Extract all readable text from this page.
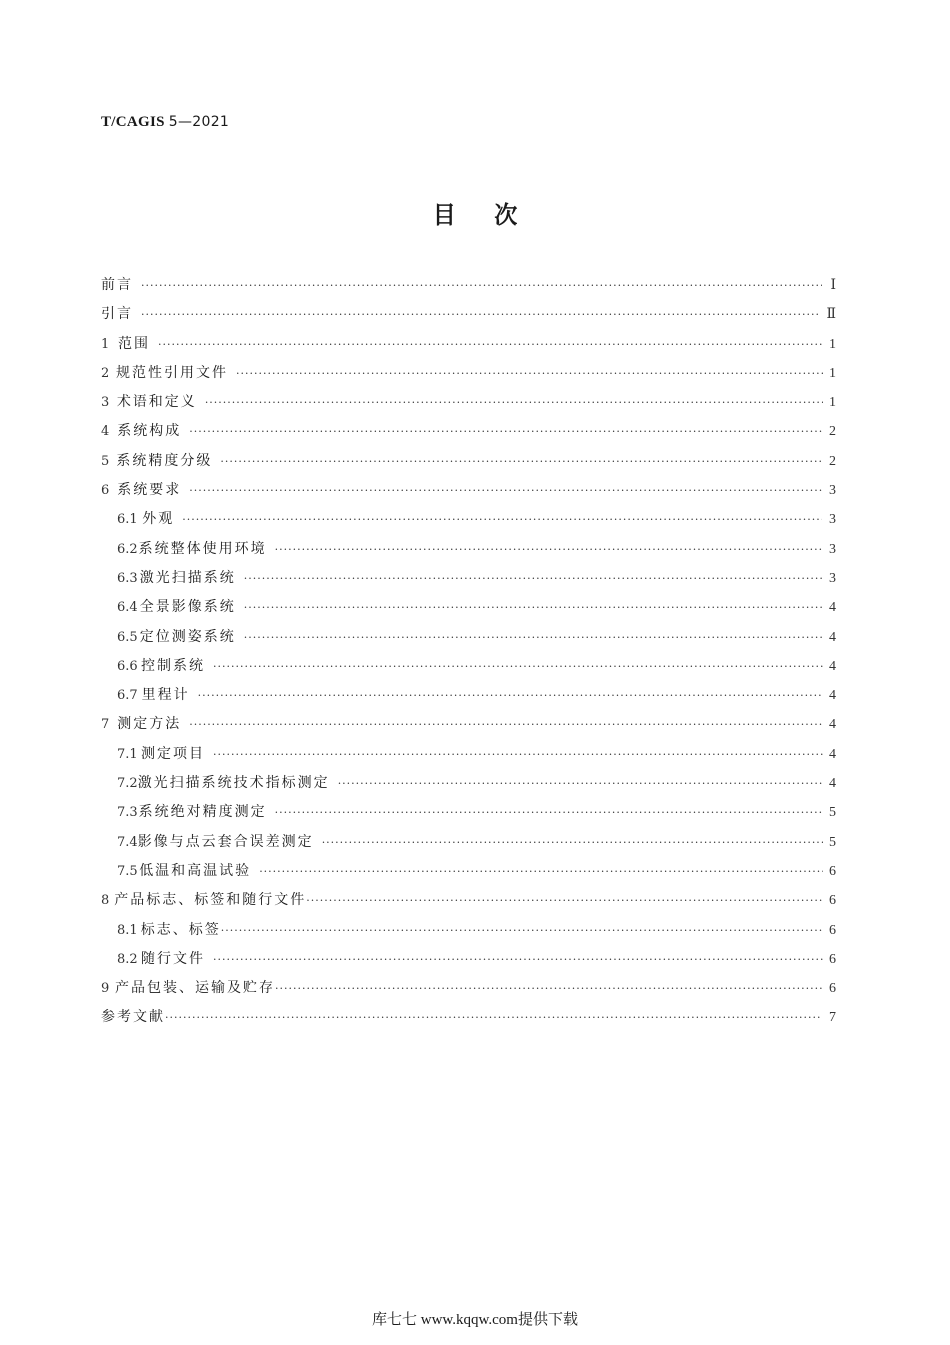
T/CAGIS 5—2021
目次
前言 ·····	Ⅰ
引言 ·····	Ⅱ
1 范围 ·····	1
2 规范性引用文件 ·····	1
3 术语和定义 ·····	1
4 系统构成 ·····	2
5 系统精度分级 ·····	2
6 系统要求 ·····	3
6.1 外观 ·····	3
6.2 系统整体使用环境 ·····	3
6.3 激光扫描系统 ·····	3
6.4 全景影像系统 ·····	4
6.5 定位测姿系统 ·····	4
6.6 控制系统 ·····	4
6.7 里程计 ·····	4
7 测定方法 ·····	4
7.1 测定项目 ·····	4
7.2 激光扫描系统技术指标测定 ·····	4
7.3 系统绝对精度测定 ·····	5
7.4 影像与点云套合误差测定 ·····	5
7.5 低温和高温试验 ·····	6
8 产品标志、标签和随行文件 ·····	6
8.1 标志、标签 ·····	6
8.2 随行文件 ·····	6
9 产品包装、运输及贮存 ·····	6
参考文献 ·····	7
库七七 www.kqqw.com提供下载
